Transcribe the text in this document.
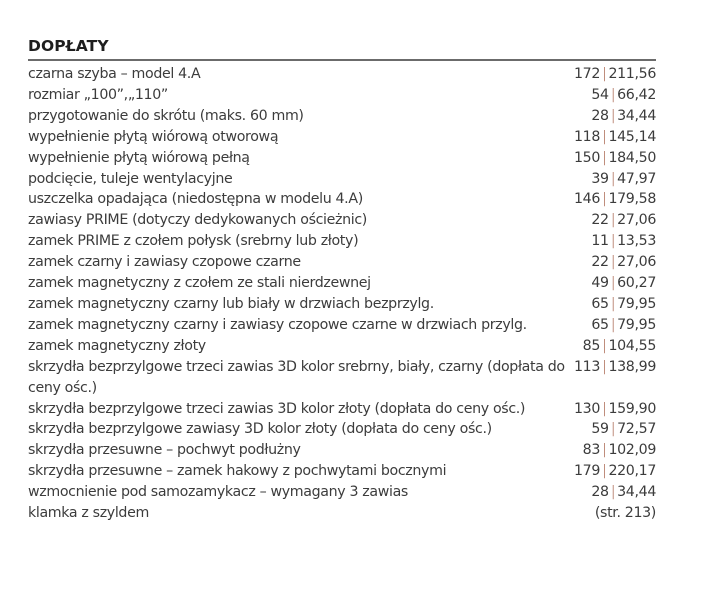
DOPŁATY
czarna szyba – model 4.A	172 | 211,56
rozmiar „100”,„110”	54 | 66,42
przygotowanie do skrótu (maks. 60 mm)	28 | 34,44
wypełnienie płytą wiórową otworową	118 | 145,14
wypełnienie płytą wiórową pełną	150 | 184,50
podcięcie, tuleje wentylacyjne	39 | 47,97
uszczelka opadająca (niedostępna w modelu 4.A)	146 | 179,58
zawiasy PRIME (dotyczy dedykowanych ościeżnic)	22 | 27,06
zamek PRIME z czołem połysk (srebrny lub złoty)	11 | 13,53
zamek czarny i zawiasy czopowe czarne	22 | 27,06
zamek magnetyczny z czołem ze stali nierdzewnej	49 | 60,27
zamek magnetyczny czarny lub biały w drzwiach bezprzylg.	65 | 79,95
zamek magnetyczny czarny i zawiasy czopowe czarne w drzwiach przylg.	65 | 79,95
zamek magnetyczny złoty	85 | 104,55
skrzydła bezprzylgowe trzeci zawias 3D kolor srebrny, biały, czarny (dopłata do ceny ośc.)
113 | 138,99
skrzydła bezprzylgowe trzeci zawias 3D kolor złoty (dopłata do ceny ośc.)	130 | 159,90
skrzydła bezprzylgowe zawiasy 3D kolor złoty (dopłata do ceny ośc.)	59 | 72,57
skrzydła przesuwne – pochwyt podłużny	83 | 102,09
skrzydła przesuwne – zamek hakowy z pochwytami bocznymi	179 | 220,17
wzmocnienie pod samozamykacz – wymagany 3 zawias	28 | 34,44
klamka z szyldem	(str. 213)
